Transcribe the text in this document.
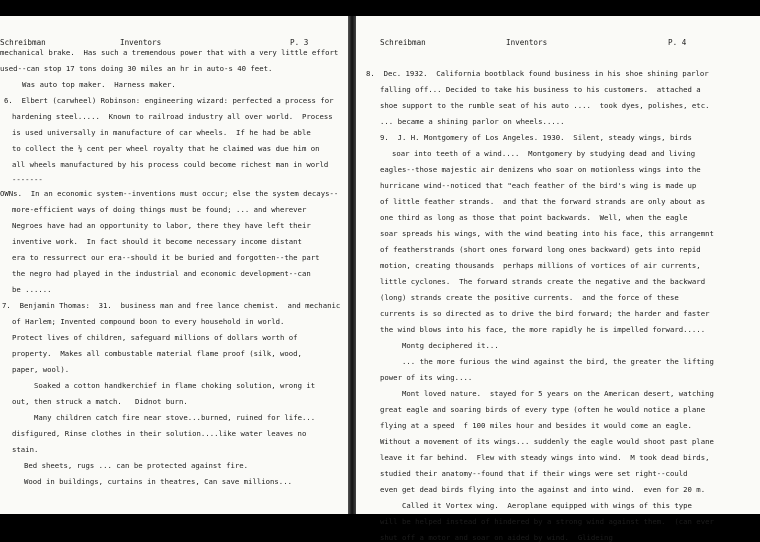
Schreibman	Inventors	P. 3
mechanical brake.  Has such a tremendous power that with a very little effort
used--can stop 17 tons doing 30 miles an hr in auto-s 40 feet.
Was auto top maker.  Harness maker.
6.  Elbert (carwheel) Robinson: engineering wizard: perfected a process for
hardening steel.....  Known to railroad industry all over world.  Process
is used universally in manufacture of car wheels.  If he had be able
to collect the ½ cent per wheel royalty that he claimed was due him on
all wheels manufactured by his process could become richest man in world
-------
OWNs.  In an economic system--inventions must occur; else the system decays--
more-efficient ways of doing things must be found; ... and wherever
Negroes have had an opportunity to labor, there they have left their
inventive work.  In fact should it become necessary income distant
era to ressurrect our era--should it be buried and forgotten--the part
the negro had played in the industrial and economic development--can
be ......
7.  Benjamin Thomas:  31.  business man and free lance chemist.  and mechanic
of Harlem; Invented compound boon to every household in world.
Protect lives of children, safeguard millions of dollars worth of
property.  Makes all combustable material flame proof (silk, wood,
paper, wool).
Soaked a cotton handkerchief in flame choking solution, wrong it
out, then struck a match.   Didnot burn.
Many children catch fire near stove...burned, ruined for life...
disfigured, Rinse clothes in their solution....like water leaves no
stain.
Bed sheets, rugs ... can be protected against fire.
Wood in buildings, curtains in theatres, Can save millions...
Schreibman	Inventors	P. 4
8.  Dec. 1932.  California bootblack found business in his shoe shining parlor
falling off... Decided to take his business to his customers.  attached a
shoe support to the rumble seat of his auto ....  took dyes, polishes, etc.
... became a shining parlor on wheels.....
9.  J. H. Montgomery of Los Angeles. 1930.  Silent, steady wings, birds
soar into teeth of a wind....  Montgomery by studying dead and living
eagles--those majestic air denizens who soar on motionless wings into the
hurricane wind--noticed that "each feather of the bird's wing is made up
of little feather strands.  and that the forward strands are only about as
one third as long as those that point backwards.  Well, when the eagle
soar spreads his wings, with the wind beating into his face, this arrangemnt
of featherstrands (short ones forward long ones backward) gets into repid
motion, creating thousands  perhaps millions of vortices of air currents,
little cyclones.  The forward strands create the negative and the backward
(long) strands create the positive currents.  and the force of these
currents is so directed as to drive the bird forward; the harder and faster
the wind blows into his face, the more rapidly he is impelled forward.....
Montg deciphered it...
... the more furious the wind against the bird, the greater the lifting
power of its wing....
Mont loved nature.  stayed for 5 years on the American desert, watching
great eagle and soaring birds of every type (often he would notice a plane
flying at a speed  f 100 miles hour and besides it would come an eagle.
Without a movement of its wings... suddenly the eagle would shoot past plane
leave it far behind.  Flew with steady wings into wind.  M took dead birds,
studied their anatomy--found that if their wings were set right--could
even get dead birds flying into the against and into wind.  even for 20 m.
Called it Vortex wing.  Aeroplane equipped with wings of this type
will be helped instead of hindered by a strong wind against them.  (can ever
shut off a motor and soar on aided by wind.  Glideing
